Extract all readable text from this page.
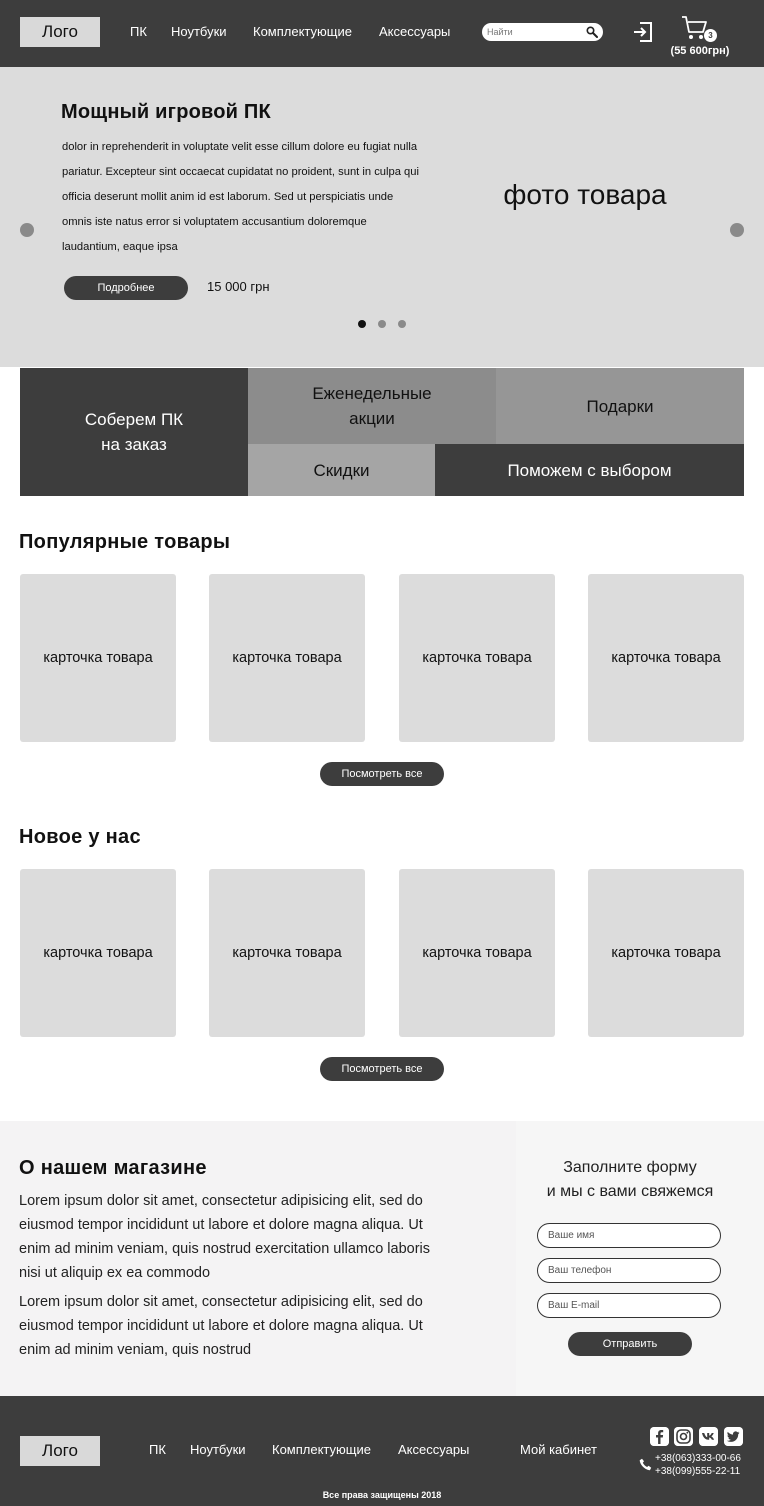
Лого	ПК Ноутбуки Комплектующие Аксессуары
Найти	3
(55 600грн)
Мощный игровой ПК
dolor in reprehenderit in voluptate velit esse cillum dolore eu fugiat nulla pariatur. Excepteur sint occaecat cupidatat no proident, sunt in culpa qui officia deserunt mollit anim id est laborum. Sed ut perspiciatis unde omnis iste natus error si voluptatem accusantium doloremque laudantium, eaque ipsa
Подробнее	15 000 грн
фото товара
Соберем ПК
на заказ
Еженедельные
акции
Подарки
Скидки	Поможем с выбором
Популярные товары
карточка товара	карточка товара	карточка товара	карточка товара
Посмотреть все
Новое у нас
карточка товара	карточка товара	карточка товара	карточка товара
Посмотреть все
О нашем магазине
Lorem ipsum dolor sit amet, consectetur adipisicing elit, sed do eiusmod tempor incididunt ut labore et dolore magna aliqua. Ut enim ad minim veniam, quis nostrud exercitation ullamco laboris nisi ut aliquip ex ea commodo
Lorem ipsum dolor sit amet, consectetur adipisicing elit, sed do eiusmod tempor incididunt ut labore et dolore magna aliqua. Ut enim ad minim veniam, quis nostrud
Заполните форму
и мы с вами свяжемся
Ваше имя
Ваш телефон
Ваш E-mail
Отправить
Лого	ПК Ноутбуки Комплектующие Аксессуары	Мой кабинет
+38(063)333-00-66
+38(099)555-22-11
Все права защищены 2018
